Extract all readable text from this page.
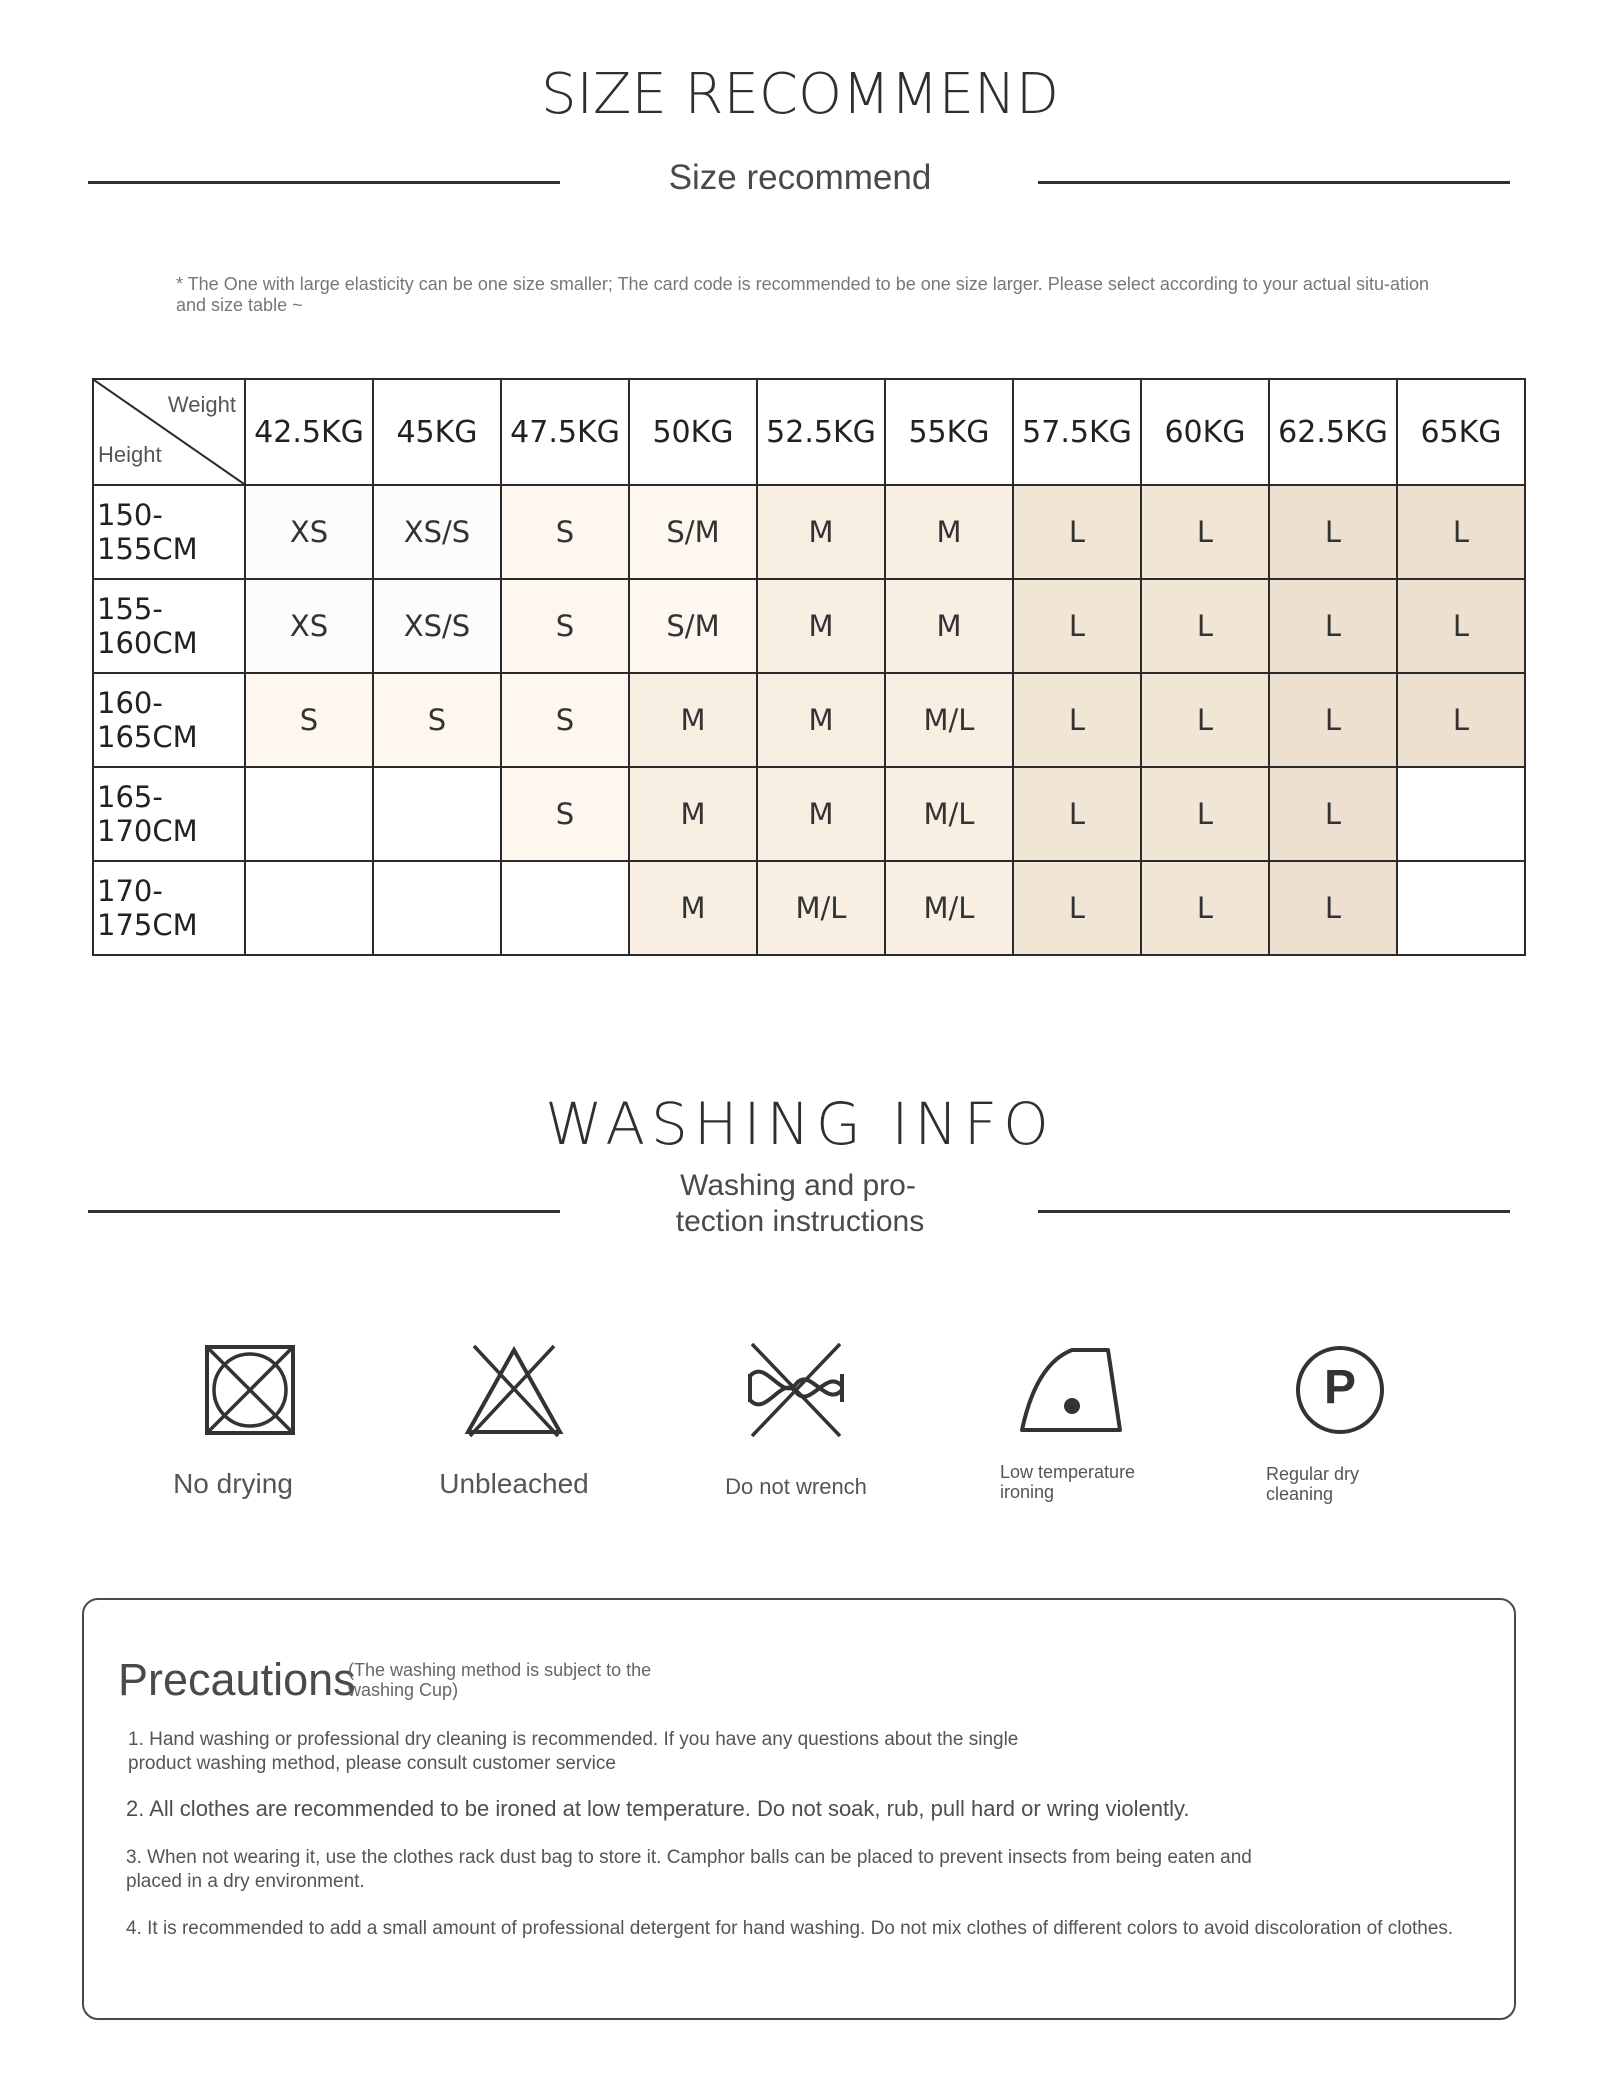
SIZE RECOMMEND
Size recommend
* The One with large elasticity can be one size smaller; The card code is recommended to be one size larger. Please select according to your actual situ-ation and size table ~
Weight
Height	42.5KG	45KG	47.5KG	50KG	52.5KG	55KG	57.5KG	60KG	62.5KG	65KG
150-155CM	XS	XS/S	S	S/M	M	M	L	L	L	L
155-160CM	XS	XS/S	S	S/M	M	M	L	L	L	L
160-165CM	S	S	S	M	M	M/L	L	L	L	L
165-170CM			S	M	M	M/L	L	L	L	
170-175CM				M	M/L	M/L	L	L	L	
WASHING INFO
Washing and pro-
tection instructions
No drying	Unbleached	Do not wrench
Low temperature
ironing
P
Regular dry
cleaning
Precautions
(The washing method is subject to the
washing Cup)
1. Hand washing or professional dry cleaning is recommended. If you have any questions about the single
product washing method, please consult customer service
2. All clothes are recommended to be ironed at low temperature. Do not soak, rub, pull hard or wring violently.
3. When not wearing it, use the clothes rack dust bag to store it. Camphor balls can be placed to prevent insects from being eaten and
placed in a dry environment.
4. It is recommended to add a small amount of professional detergent for hand washing. Do not mix clothes of different colors to avoid discoloration of clothes.
